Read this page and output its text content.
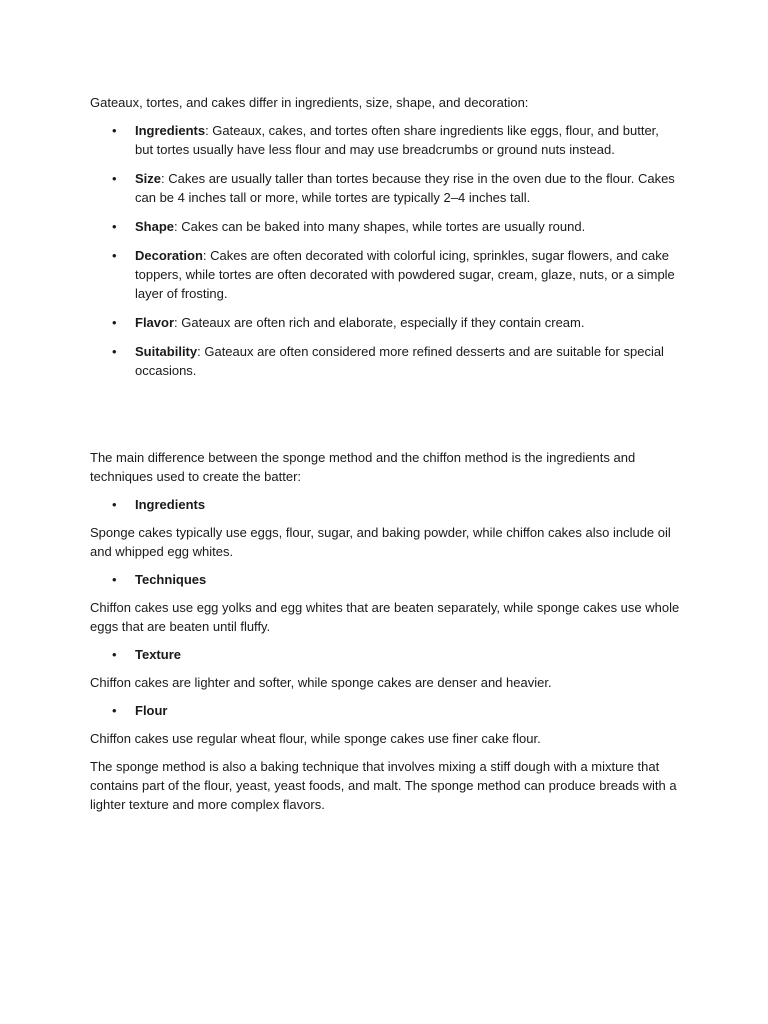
Gateaux, tortes, and cakes differ in ingredients, size, shape, and decoration:

• Ingredients: Gateaux, cakes, and tortes often share ingredients like eggs, flour, and butter, but tortes usually have less flour and may use breadcrumbs or ground nuts instead.
• Size: Cakes are usually taller than tortes because they rise in the oven due to the flour. Cakes can be 4 inches tall or more, while tortes are typically 2–4 inches tall.
• Shape: Cakes can be baked into many shapes, while tortes are usually round.
• Decoration: Cakes are often decorated with colorful icing, sprinkles, sugar flowers, and cake toppers, while tortes are often decorated with powdered sugar, cream, glaze, nuts, or a simple layer of frosting.
• Flavor: Gateaux are often rich and elaborate, especially if they contain cream.
• Suitability: Gateaux are often considered more refined desserts and are suitable for special occasions.

The main difference between the sponge method and the chiffon method is the ingredients and techniques used to create the batter:

• Ingredients

Sponge cakes typically use eggs, flour, sugar, and baking powder, while chiffon cakes also include oil and whipped egg whites.

• Techniques

Chiffon cakes use egg yolks and egg whites that are beaten separately, while sponge cakes use whole eggs that are beaten until fluffy.

• Texture

Chiffon cakes are lighter and softer, while sponge cakes are denser and heavier.

• Flour

Chiffon cakes use regular wheat flour, while sponge cakes use finer cake flour.

The sponge method is also a baking technique that involves mixing a stiff dough with a mixture that contains part of the flour, yeast, yeast foods, and malt. The sponge method can produce breads with a lighter texture and more complex flavors.
